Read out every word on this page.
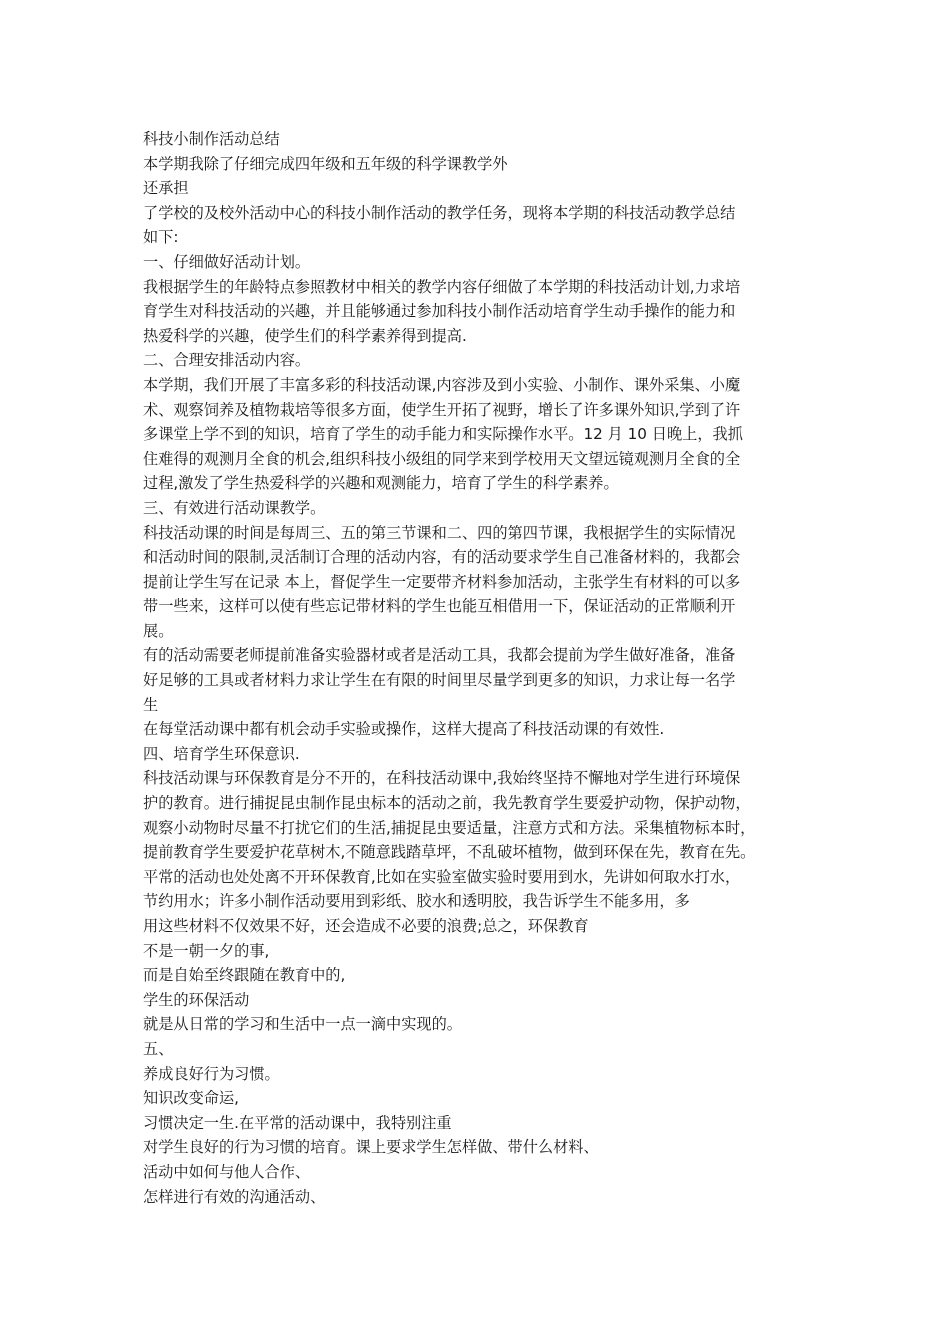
科技小制作活动总结
本学期我除了仔细完成四年级和五年级的科学课教学外
还承担
了学校的及校外活动中心的科技小制作活动的教学任务，现将本学期的科技活动教学总结
如下:
一、仔细做好活动计划。
我根据学生的年龄特点参照教材中相关的教学内容仔细做了本学期的科技活动计划,力求培
育学生对科技活动的兴趣，并且能够通过参加科技小制作活动培育学生动手操作的能力和
热爱科学的兴趣，使学生们的科学素养得到提高.
二、合理安排活动内容。
本学期，我们开展了丰富多彩的科技活动课,内容涉及到小实验、小制作、课外采集、小魔
术、观察饲养及植物栽培等很多方面，使学生开拓了视野，增长了许多课外知识,学到了许
多课堂上学不到的知识，培育了学生的动手能力和实际操作水平。12 月 10 日晚上，我抓
住难得的观测月全食的机会,组织科技小级组的同学来到学校用天文望远镜观测月全食的全
过程,激发了学生热爱科学的兴趣和观测能力，培育了学生的科学素养。
三、有效进行活动课教学。
科技活动课的时间是每周三、五的第三节课和二、四的第四节课，我根据学生的实际情况
和活动时间的限制,灵活制订合理的活动内容，有的活动要求学生自己准备材料的，我都会
提前让学生写在记录 本上，督促学生一定要带齐材料参加活动，主张学生有材料的可以多
带一些来，这样可以使有些忘记带材料的学生也能互相借用一下，保证活动的正常顺利开
展。
有的活动需要老师提前准备实验器材或者是活动工具，我都会提前为学生做好准备，准备
好足够的工具或者材料力求让学生在有限的时间里尽量学到更多的知识，力求让每一名学
生
在每堂活动课中都有机会动手实验或操作，这样大提高了科技活动课的有效性.
四、培育学生环保意识.
科技活动课与环保教育是分不开的，在科技活动课中,我始终坚持不懈地对学生进行环境保
护的教育。进行捕捉昆虫制作昆虫标本的活动之前，我先教育学生要爱护动物，保护动物，
观察小动物时尽量不打扰它们的生活,捕捉昆虫要适量，注意方式和方法。采集植物标本时，
提前教育学生要爱护花草树木,不随意践踏草坪，不乱破坏植物，做到环保在先，教育在先。
平常的活动也处处离不开环保教育,比如在实验室做实验时要用到水，先讲如何取水打水，
节约用水；许多小制作活动要用到彩纸、胶水和透明胶，我告诉学生不能多用，多
用这些材料不仅效果不好，还会造成不必要的浪费;总之，环保教育
不是一朝一夕的事,
而是自始至终跟随在教育中的,
学生的环保活动
就是从日常的学习和生活中一点一滴中实现的。
五、
养成良好行为习惯。
知识改变命运,
习惯决定一生.在平常的活动课中，我特别注重
对学生良好的行为习惯的培育。课上要求学生怎样做、带什么材料、
活动中如何与他人合作、
怎样进行有效的沟通活动、
